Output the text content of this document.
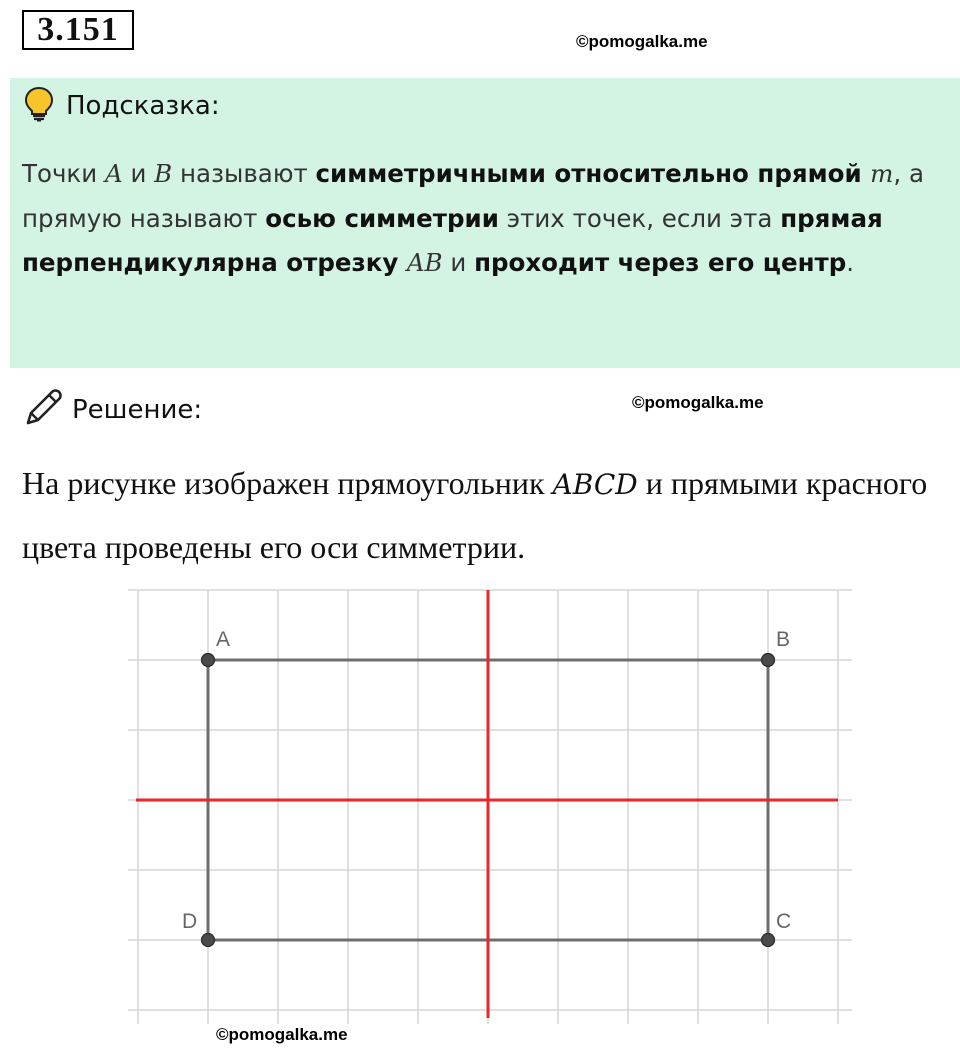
3.151	©pomogalka.me
Подсказка:
Точки A и B называют симметричными относительно прямой m, а прямую называют осью симметрии этих точек, если эта прямая перпендикулярна отрезку AB и проходит через его центр.
Решение:	©pomogalka.me
На рисунке изображен прямоугольник ABCD и прямыми красного цвета проведены его оси симметрии.
A	B
C
D
©pomogalka.me
